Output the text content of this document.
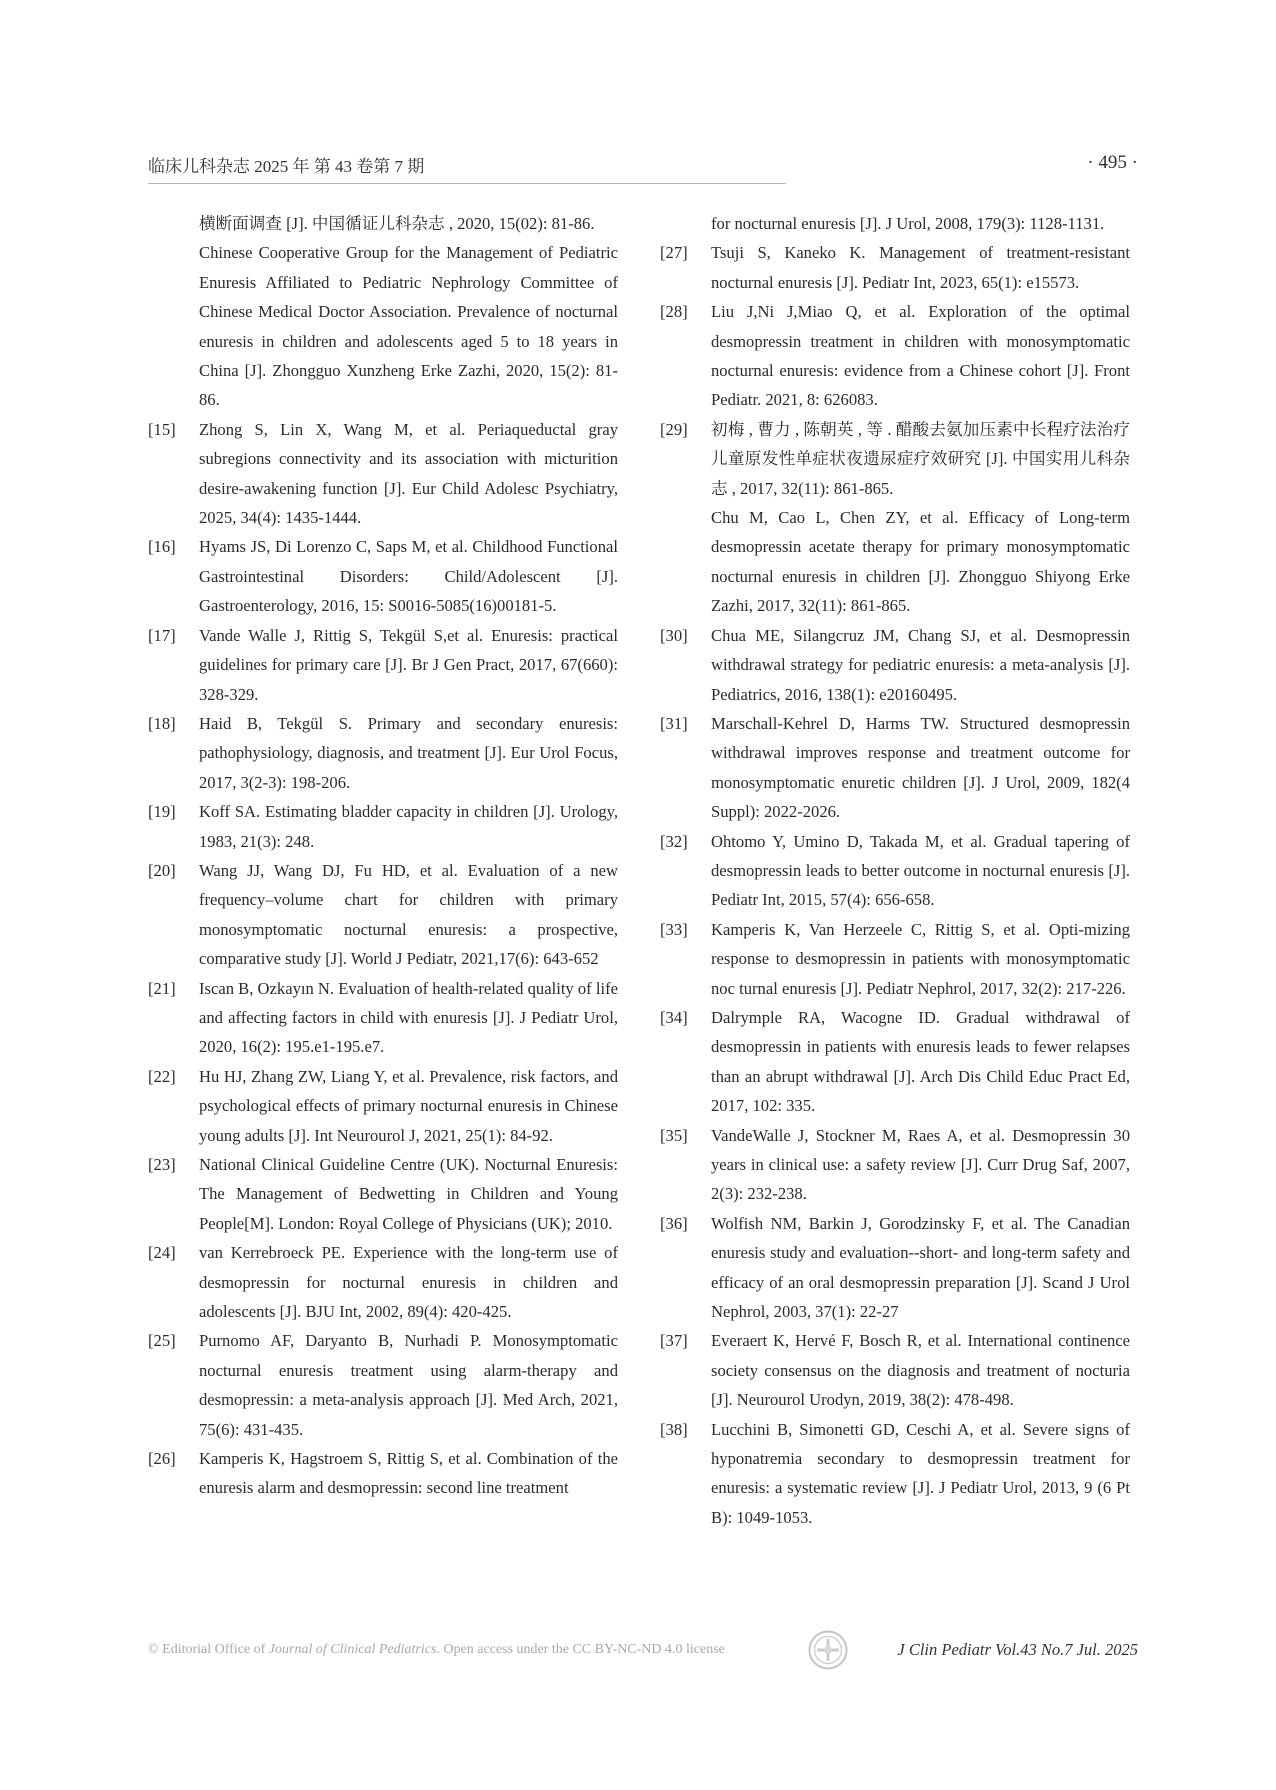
临床儿科杂志 2025 年 第 43 卷第 7 期	· 495 ·

横断面调查 [J]. 中国循证儿科杂志 , 2020, 15(02): 81-86.

Chinese Cooperative Group for the Management of Pediatric Enuresis Affiliated to Pediatric Nephrology Committee of Chinese Medical Doctor Association. Prevalence of nocturnal enuresis in children and adolescents aged 5 to 18 years in China [J]. Zhongguo Xunzheng Erke Zazhi, 2020, 15(2): 81-86.

[15] Zhong S, Lin X, Wang M, et al. Periaqueductal gray subregions connectivity and its association with micturition desire-awakening function [J]. Eur Child Adolesc Psychiatry, 2025, 34(4): 1435-1444.

[16] Hyams JS, Di Lorenzo C, Saps M, et al. Childhood Functional Gastrointestinal Disorders: Child/Adolescent [J]. Gastroenterology, 2016, 15: S0016-5085(16)00181-5.

[17] Vande Walle J, Rittig S, Tekgül S,et al. Enuresis: practical guidelines for primary care [J]. Br J Gen Pract, 2017, 67(660): 328-329.

[18] Haid B, Tekgül S. Primary and secondary enuresis: pathophysiology, diagnosis, and treatment [J]. Eur Urol Focus, 2017, 3(2-3): 198-206.

[19] Koff SA. Estimating bladder capacity in children [J]. Urology, 1983, 21(3): 248.

[20] Wang JJ, Wang DJ, Fu HD, et al. Evaluation of a new frequency–volume chart for children with primary monosymptomatic nocturnal enuresis: a prospective, comparative study [J]. World J Pediatr, 2021,17(6): 643-652

[21] Iscan B, Ozkayın N. Evaluation of health-related quality of life and affecting factors in child with enuresis [J]. J Pediatr Urol, 2020, 16(2): 195.e1-195.e7.

[22] Hu HJ, Zhang ZW, Liang Y, et al. Prevalence, risk factors, and psychological effects of primary nocturnal enuresis in Chinese young adults [J]. Int Neurourol J, 2021, 25(1): 84-92.

[23] National Clinical Guideline Centre (UK). Nocturnal Enuresis: The Management of Bedwetting in Children and Young People[M]. London: Royal College of Physicians (UK); 2010.

[24] van Kerrebroeck PE. Experience with the long-term use of desmopressin for nocturnal enuresis in children and adolescents [J]. BJU Int, 2002, 89(4): 420-425.

[25] Purnomo AF, Daryanto B, Nurhadi P. Monosymptomatic nocturnal enuresis treatment using alarm-therapy and desmopressin: a meta-analysis approach [J]. Med Arch, 2021, 75(6): 431-435.

[26] Kamperis K, Hagstroem S, Rittig S, et al. Combination of the enuresis alarm and desmopressin: second line treatment

for nocturnal enuresis [J]. J Urol, 2008, 179(3): 1128-1131.

[27] Tsuji S, Kaneko K. Management of treatment-resistant nocturnal enuresis [J]. Pediatr Int, 2023, 65(1): e15573.

[28] Liu J,Ni J,Miao Q, et al. Exploration of the optimal desmopressin treatment in children with monosymptomatic nocturnal enuresis: evidence from a Chinese cohort [J]. Front Pediatr. 2021, 8: 626083.

[29] 初梅 , 曹力 , 陈朝英 , 等 . 醋酸去氨加压素中长程疗法治疗儿童原发性单症状夜遗尿症疗效研究 [J]. 中国实用儿科杂志 , 2017, 32(11): 861-865.

Chu M, Cao L, Chen ZY, et al. Efficacy of Long-term desmopressin acetate therapy for primary monosymptomatic nocturnal enuresis in children [J]. Zhongguo Shiyong Erke Zazhi, 2017, 32(11): 861-865.

[30] Chua ME, Silangcruz JM, Chang SJ, et al. Desmopressin withdrawal strategy for pediatric enuresis: a meta-analysis [J]. Pediatrics, 2016, 138(1): e20160495.

[31] Marschall-Kehrel D, Harms TW. Structured desmopressin withdrawal improves response and treatment outcome for monosymptomatic enuretic children [J]. J Urol, 2009, 182(4 Suppl): 2022-2026.

[32] Ohtomo Y, Umino D, Takada M, et al. Gradual tapering of desmopressin leads to better outcome in nocturnal enuresis [J]. Pediatr Int, 2015, 57(4): 656-658.

[33] Kamperis K, Van Herzeele C, Rittig S, et al. Opti-mizing response to desmopressin in patients with monosymptomatic noc turnal enuresis [J]. Pediatr Nephrol, 2017, 32(2): 217-226.

[34] Dalrymple RA, Wacogne ID. Gradual withdrawal of desmopressin in patients with enuresis leads to fewer relapses than an abrupt withdrawal [J]. Arch Dis Child Educ Pract Ed, 2017, 102: 335.

[35] VandeWalle J, Stockner M, Raes A, et al. Desmopressin 30 years in clinical use: a safety review [J]. Curr Drug Saf, 2007, 2(3): 232-238.

[36] Wolfish NM, Barkin J, Gorodzinsky F, et al. The Canadian enuresis study and evaluation--short- and long-term safety and efficacy of an oral desmopressin preparation [J]. Scand J Urol Nephrol, 2003, 37(1): 22-27

[37] Everaert K, Hervé F, Bosch R, et al. International continence society consensus on the diagnosis and treatment of nocturia [J]. Neurourol Urodyn, 2019, 38(2): 478-498.

[38] Lucchini B, Simonetti GD, Ceschi A, et al. Severe signs of hyponatremia secondary to desmopressin treatment for enuresis: a systematic review [J]. J Pediatr Urol, 2013, 9 (6 Pt B): 1049-1053.

© Editorial Office of Journal of Clinical Pediatrics. Open access under the CC BY-NC-ND 4.0 license	J Clin Pediatr Vol.43 No.7 Jul. 2025
